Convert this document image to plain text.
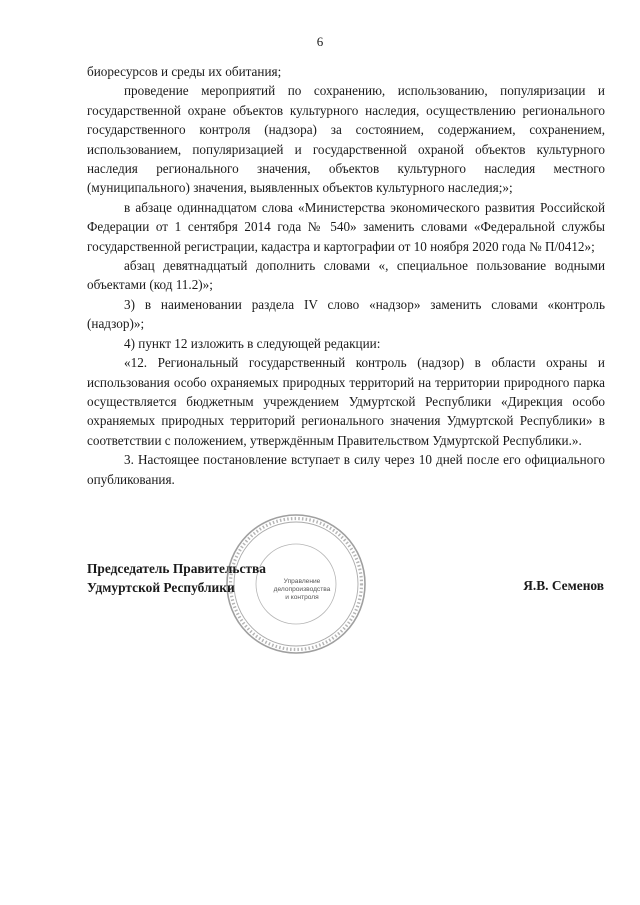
6

биоресурсов и среды их обитания;

проведение мероприятий по сохранению, использованию, популяризации и государственной охране объектов культурного наследия, осуществлению регионального государственного контроля (надзора) за состоянием, содержанием, сохранением, использованием, популяризацией и государственной охраной объектов культурного наследия регионального значения, объектов культурного наследия местного (муниципального) значения, выявленных объектов культурного наследия;»;

в абзаце одиннадцатом слова «Министерства экономического развития Российской Федерации от 1 сентября 2014 года № 540» заменить словами «Федеральной службы государственной регистрации, кадастра и картографии от 10 ноября 2020 года № П/0412»;

абзац девятнадцатый дополнить словами «, специальное пользование водными объектами (код 11.2)»;

3) в наименовании раздела IV слово «надзор» заменить словами «контроль (надзор)»;

4) пункт 12 изложить в следующей редакции:

«12. Региональный государственный контроль (надзор) в области охраны и использования особо охраняемых природных территорий на территории природного парка осуществляется бюджетным учреждением Удмуртской Республики «Дирекция особо охраняемых природных территорий регионального значения Удмуртской Республики» в соответствии с положением, утверждённым Правительством Удмуртской Республики.».

3. Настоящее постановление вступает в силу через 10 дней после его официального опубликования.

Управление
делопроизводства
и контроля
Председатель Правительства
Удмуртской Республики	Я.В. Семенов
